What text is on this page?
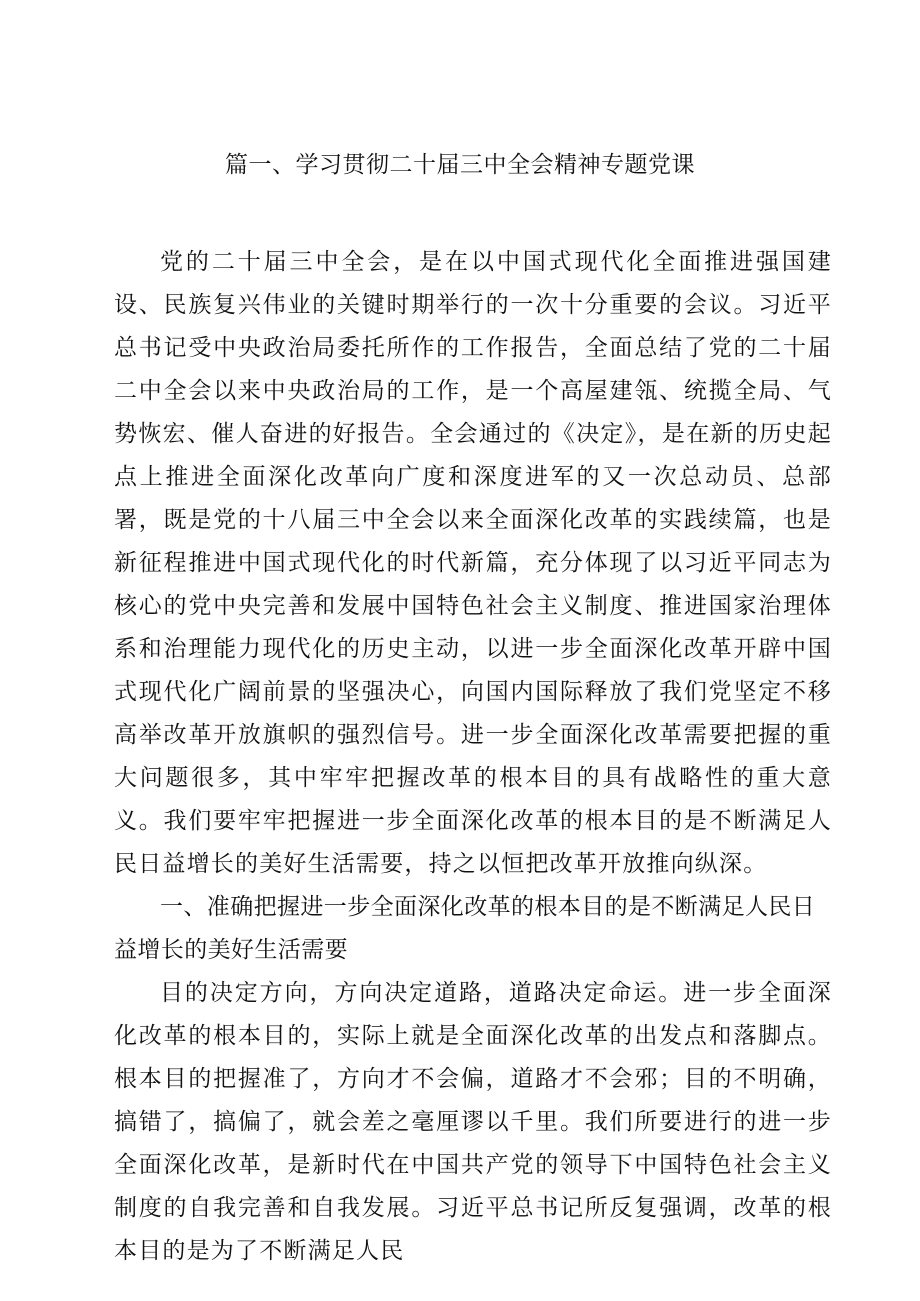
篇一、学习贯彻二十届三中全会精神专题党课

党的二十届三中全会，是在以中国式现代化全面推进强国建设、民族复兴伟业的关键时期举行的一次十分重要的会议。习近平总书记受中央政治局委托所作的工作报告，全面总结了党的二十届二中全会以来中央政治局的工作，是一个高屋建瓴、统揽全局、气势恢宏、催人奋进的好报告。全会通过的《决定》，是在新的历史起点上推进全面深化改革向广度和深度进军的又一次总动员、总部署，既是党的十八届三中全会以来全面深化改革的实践续篇，也是新征程推进中国式现代化的时代新篇，充分体现了以习近平同志为核心的党中央完善和发展中国特色社会主义制度、推进国家治理体系和治理能力现代化的历史主动，以进一步全面深化改革开辟中国式现代化广阔前景的坚强决心，向国内国际释放了我们党坚定不移高举改革开放旗帜的强烈信号。进一步全面深化改革需要把握的重大问题很多，其中牢牢把握改革的根本目的具有战略性的重大意义。我们要牢牢把握进一步全面深化改革的根本目的是不断满足人民日益增长的美好生活需要，持之以恒把改革开放推向纵深。

一、准确把握进一步全面深化改革的根本目的是不断满足人民日益增长的美好生活需要

目的决定方向，方向决定道路，道路决定命运。进一步全面深化改革的根本目的，实际上就是全面深化改革的出发点和落脚点。根本目的把握准了，方向才不会偏，道路才不会邪；目的不明确，搞错了，搞偏了，就会差之毫厘谬以千里。我们所要进行的进一步全面深化改革，是新时代在中国共产党的领导下中国特色社会主义制度的自我完善和自我发展。习近平总书记所反复强调，改革的根本目的是为了不断满足人民
